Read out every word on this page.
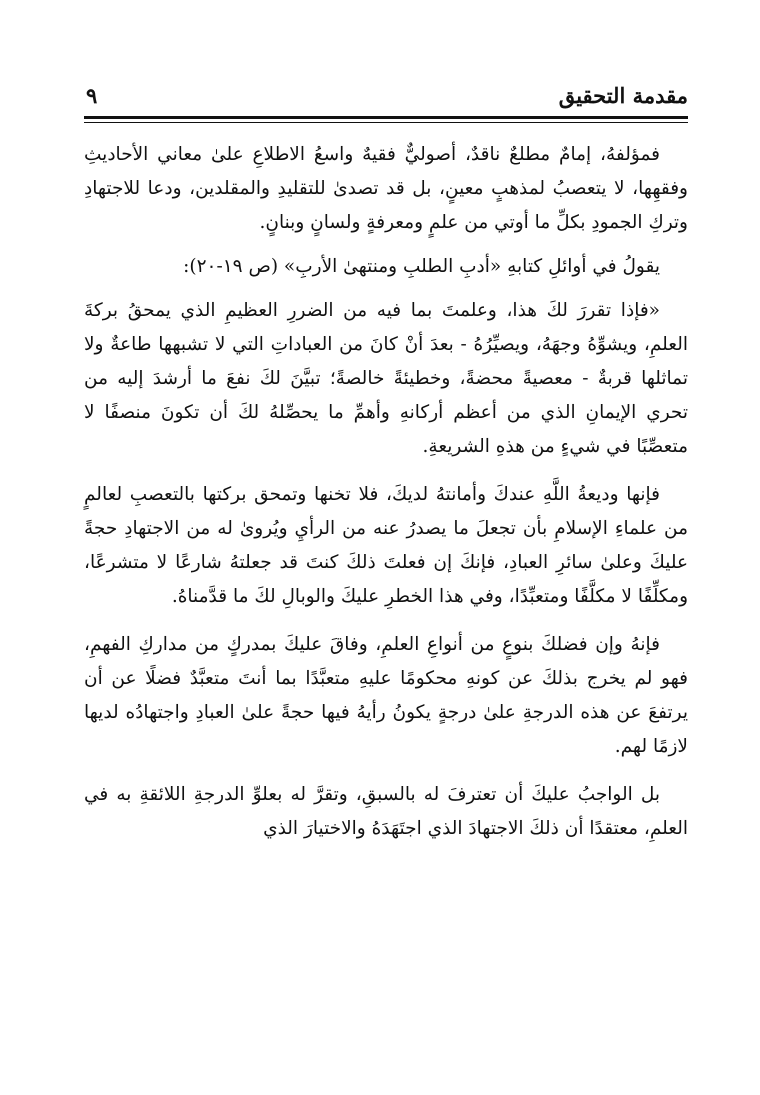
مقدمة التحقيق
٩

فمؤلفهُ، إمامٌ مطلعٌ ناقدٌ، أصوليٌّ فقيهٌ واسعُ الاطلاعِ علىٰ معاني الأحاديثِ وفقهِها، لا يتعصبُ لمذهبٍ معينٍ، بل قد تصدىٰ للتقليدِ والمقلدين، ودعا للاجتهادِ وتركِ الجمودِ بكلِّ ما أوتي من علمٍ ومعرفةٍ ولسانٍ وبنانٍ.

يقولُ في أوائلِ كتابهِ «أدبِ الطلبِ ومنتهىٰ الأربِ» (ص ١٩-٢٠):

«فإذا تقررَ لكَ هذا، وعلمتَ بما فيه من الضررِ العظيمِ الذي يمحقُ بركةَ العلمِ، ويشوِّهُ وجهَهُ، ويصيِّرُهُ - بعدَ أنْ كانَ من العباداتِ التي لا تشبهها طاعةٌ ولا تماثلها قربةٌ - معصيةً محضةً، وخطيئةً خالصةً؛ تبيَّنَ لكَ نفعَ ما أرشدَ إليه من تحري الإيمانِ الذي من أعظم أركانهِ وأهمِّ ما يحصِّلهُ لكَ أن تكونَ منصفًا لا متعصِّبًا في شيءٍ من هذهِ الشريعةِ.

فإنها وديعةُ اللَّهِ عندكَ وأمانتهُ لديكَ، فلا تخنها وتمحق بركتها بالتعصبِ لعالمٍ من علماءِ الإسلامِ بأن تجعلَ ما يصدرُ عنه من الرأيِ ويُروىٰ له من الاجتهادِ حجةً عليكَ وعلىٰ سائرِ العبادِ، فإنكَ إن فعلتَ ذلكَ كنتَ قد جعلتهُ شارعًا لا متشرعًا، ومكلِّفًا لا مكلَّفًا ومتعبِّدًا، وفي هذا الخطرِ عليكَ والوبالِ لكَ ما قدَّمناهُ.

فإنهُ وإن فضلكَ بنوعٍ من أنواعِ العلمِ، وفاقَ عليكَ بمدركٍ من مداركِ الفهمِ، فهو لم يخرج بذلكَ عن كونهِ محكومًا عليهِ متعبَّدًا بما أنتَ متعبَّدٌ فضلًا عن أن يرتفعَ عن هذه الدرجةِ علىٰ درجةٍ يكونُ رأيهُ فيها حجةً علىٰ العبادِ واجتهادُه لديها لازمًا لهم.

بل الواجبُ عليكَ أن تعترفَ له بالسبقِ، وتقرَّ له بعلوِّ الدرجةِ اللائقةِ به في العلمِ، معتقدًا أن ذلكَ الاجتهادَ الذي اجتَهَدَهُ والاختيارَ الذي
